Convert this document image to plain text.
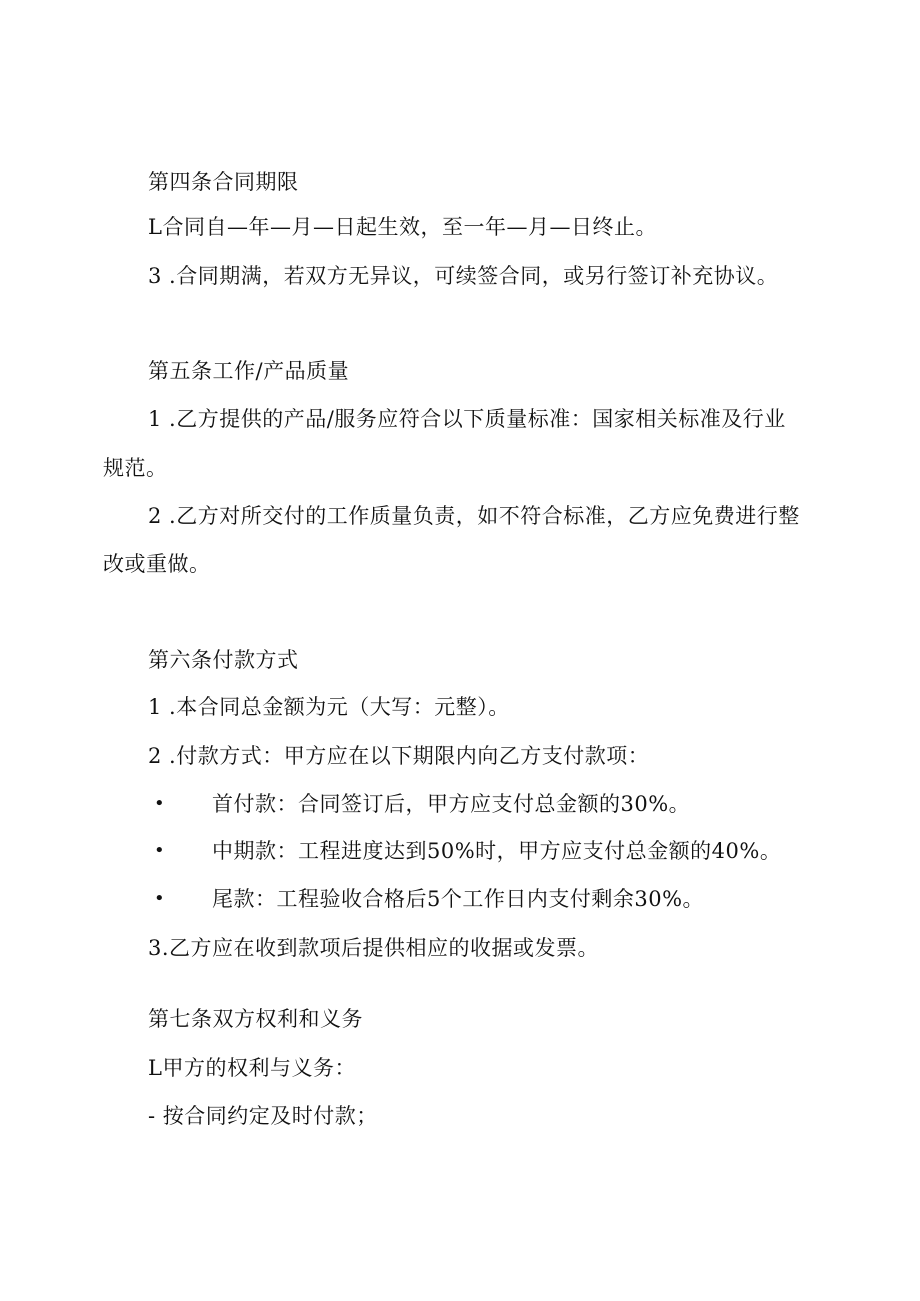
第四条合同期限
L合同自—年—月—日起生效，至一年—月—日终止。
3 .合同期满，若双方无异议，可续签合同，或另行签订补充协议。
第五条工作/产品质量
1 .乙方提供的产品/服务应符合以下质量标准：国家相关标准及行业
规范。
2 .乙方对所交付的工作质量负责，如不符合标准，乙方应免费进行整
改或重做。
第六条付款方式
1 .本合同总金额为元（大写：元整）。
2 .付款方式：甲方应在以下期限内向乙方支付款项：
• 首付款：合同签订后，甲方应支付总金额的30%。
• 中期款：工程进度达到50%时，甲方应支付总金额的40%。
• 尾款：工程验收合格后5个工作日内支付剩余30%。
3.乙方应在收到款项后提供相应的收据或发票。
第七条双方权利和义务
L甲方的权利与义务：
- 按合同约定及时付款；
